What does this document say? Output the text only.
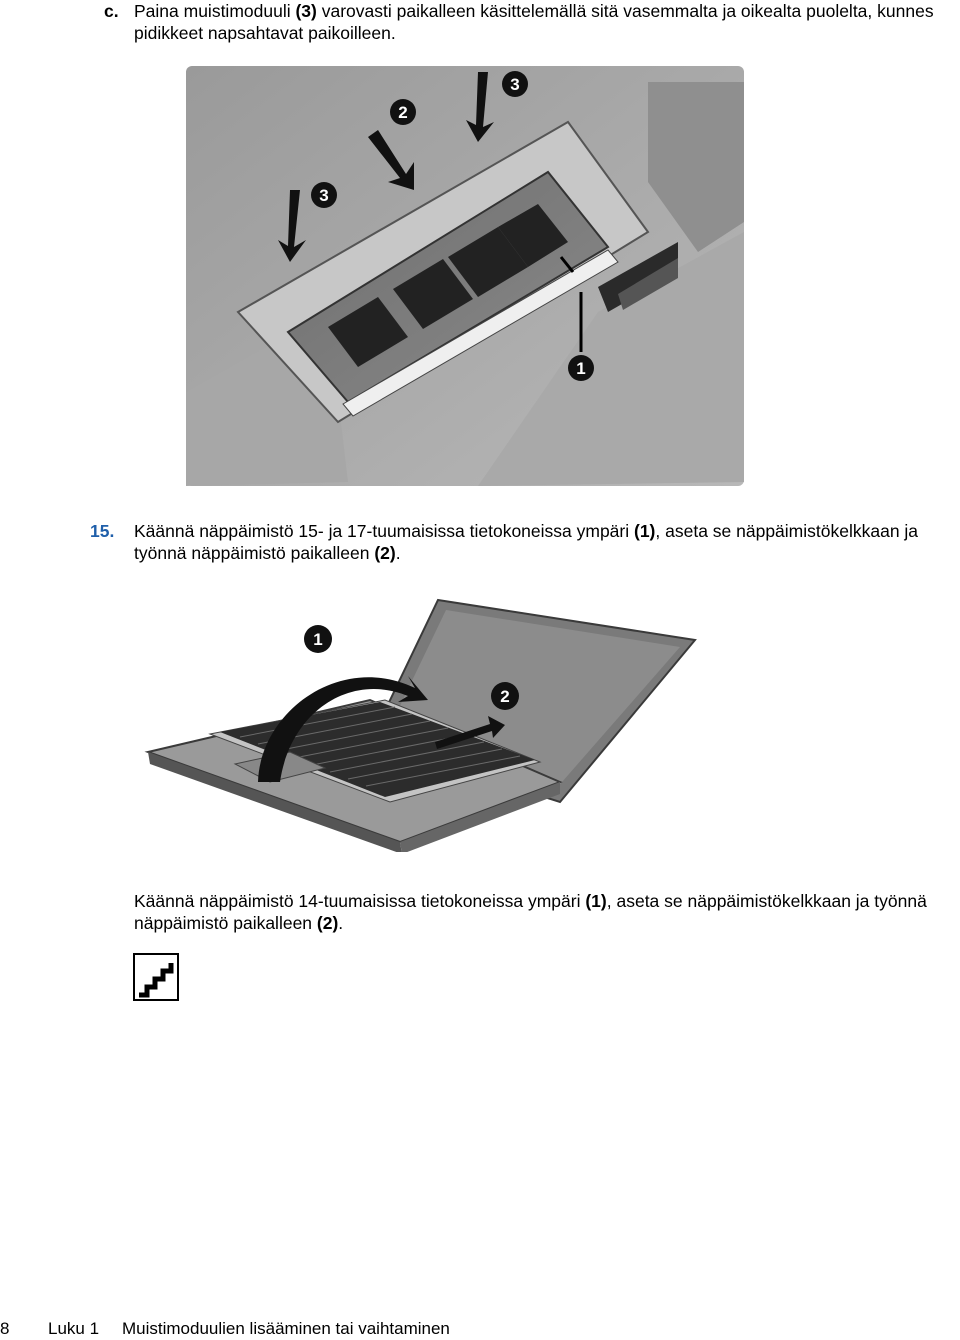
c. Paina muistimoduuli (3) varovasti paikalleen käsittelemällä sitä vasemmalta ja oikealta puolelta, kunnes pidikkeet napsahtavat paikoilleen.
3
2
3
1
15. Käännä näppäimistö 15- ja 17-tuumaisissa tietokoneissa ympäri (1), aseta se näppäimistökelkkaan ja työnnä näppäimistö paikalleen (2).
1
2
Käännä näppäimistö 14-tuumaisissa tietokoneissa ympäri (1), aseta se näppäimistökelkkaan ja työnnä näppäimistö paikalleen (2).
8 Luku 1 Muistimoduulien lisääminen tai vaihtaminen
